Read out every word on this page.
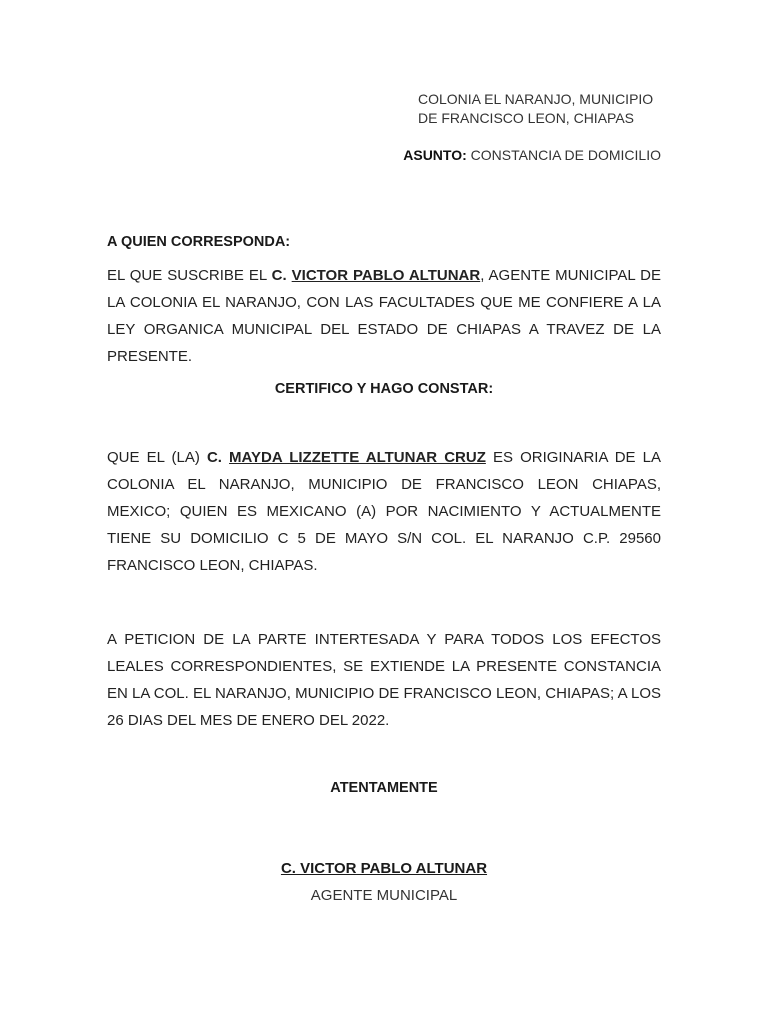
COLONIA EL NARANJO, MUNICIPIO
DE FRANCISCO LEON, CHIAPAS
ASUNTO: CONSTANCIA DE DOMICILIO
A QUIEN CORRESPONDA:

EL QUE SUSCRIBE EL C. VICTOR PABLO ALTUNAR, AGENTE MUNICIPAL DE LA COLONIA EL NARANJO, CON LAS FACULTADES QUE ME CONFIERE A LA LEY ORGANICA MUNICIPAL DEL ESTADO DE CHIAPAS A TRAVEZ DE LA PRESENTE.

CERTIFICO Y HAGO CONSTAR:

QUE EL (LA) C. MAYDA LIZZETTE ALTUNAR CRUZ ES ORIGINARIA DE LA COLONIA EL NARANJO, MUNICIPIO DE FRANCISCO LEON CHIAPAS, MEXICO; QUIEN ES MEXICANO (A) POR NACIMIENTO Y ACTUALMENTE TIENE SU DOMICILIO C 5 DE MAYO S/N COL. EL NARANJO C.P. 29560 FRANCISCO LEON, CHIAPAS.

A PETICION DE LA PARTE INTERTESADA Y PARA TODOS LOS EFECTOS LEALES CORRESPONDIENTES, SE EXTIENDE LA PRESENTE CONSTANCIA EN LA COL. EL NARANJO, MUNICIPIO DE FRANCISCO LEON, CHIAPAS; A LOS 26 DIAS DEL MES DE ENERO DEL 2022.

ATENTAMENTE
C. VICTOR PABLO ALTUNAR
AGENTE MUNICIPAL
